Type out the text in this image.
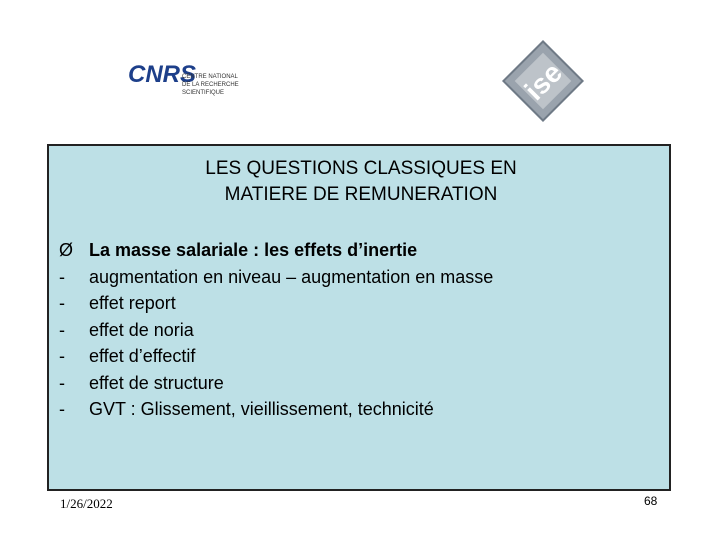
CNRS
CENTRE NATIONAL
DE LA RECHERCHE
SCIENTIFIQUE	ise
LES QUESTIONS CLASSIQUES EN
MATIERE DE REMUNERATION
Ø La masse salariale : les effets d’inertie
-	augmentation en niveau – augmentation en masse
-	effet report
-	effet de noria
-	effet d’effectif
-	effet de structure
-	GVT : Glissement, vieillissement, technicité
1/26/2022	68
